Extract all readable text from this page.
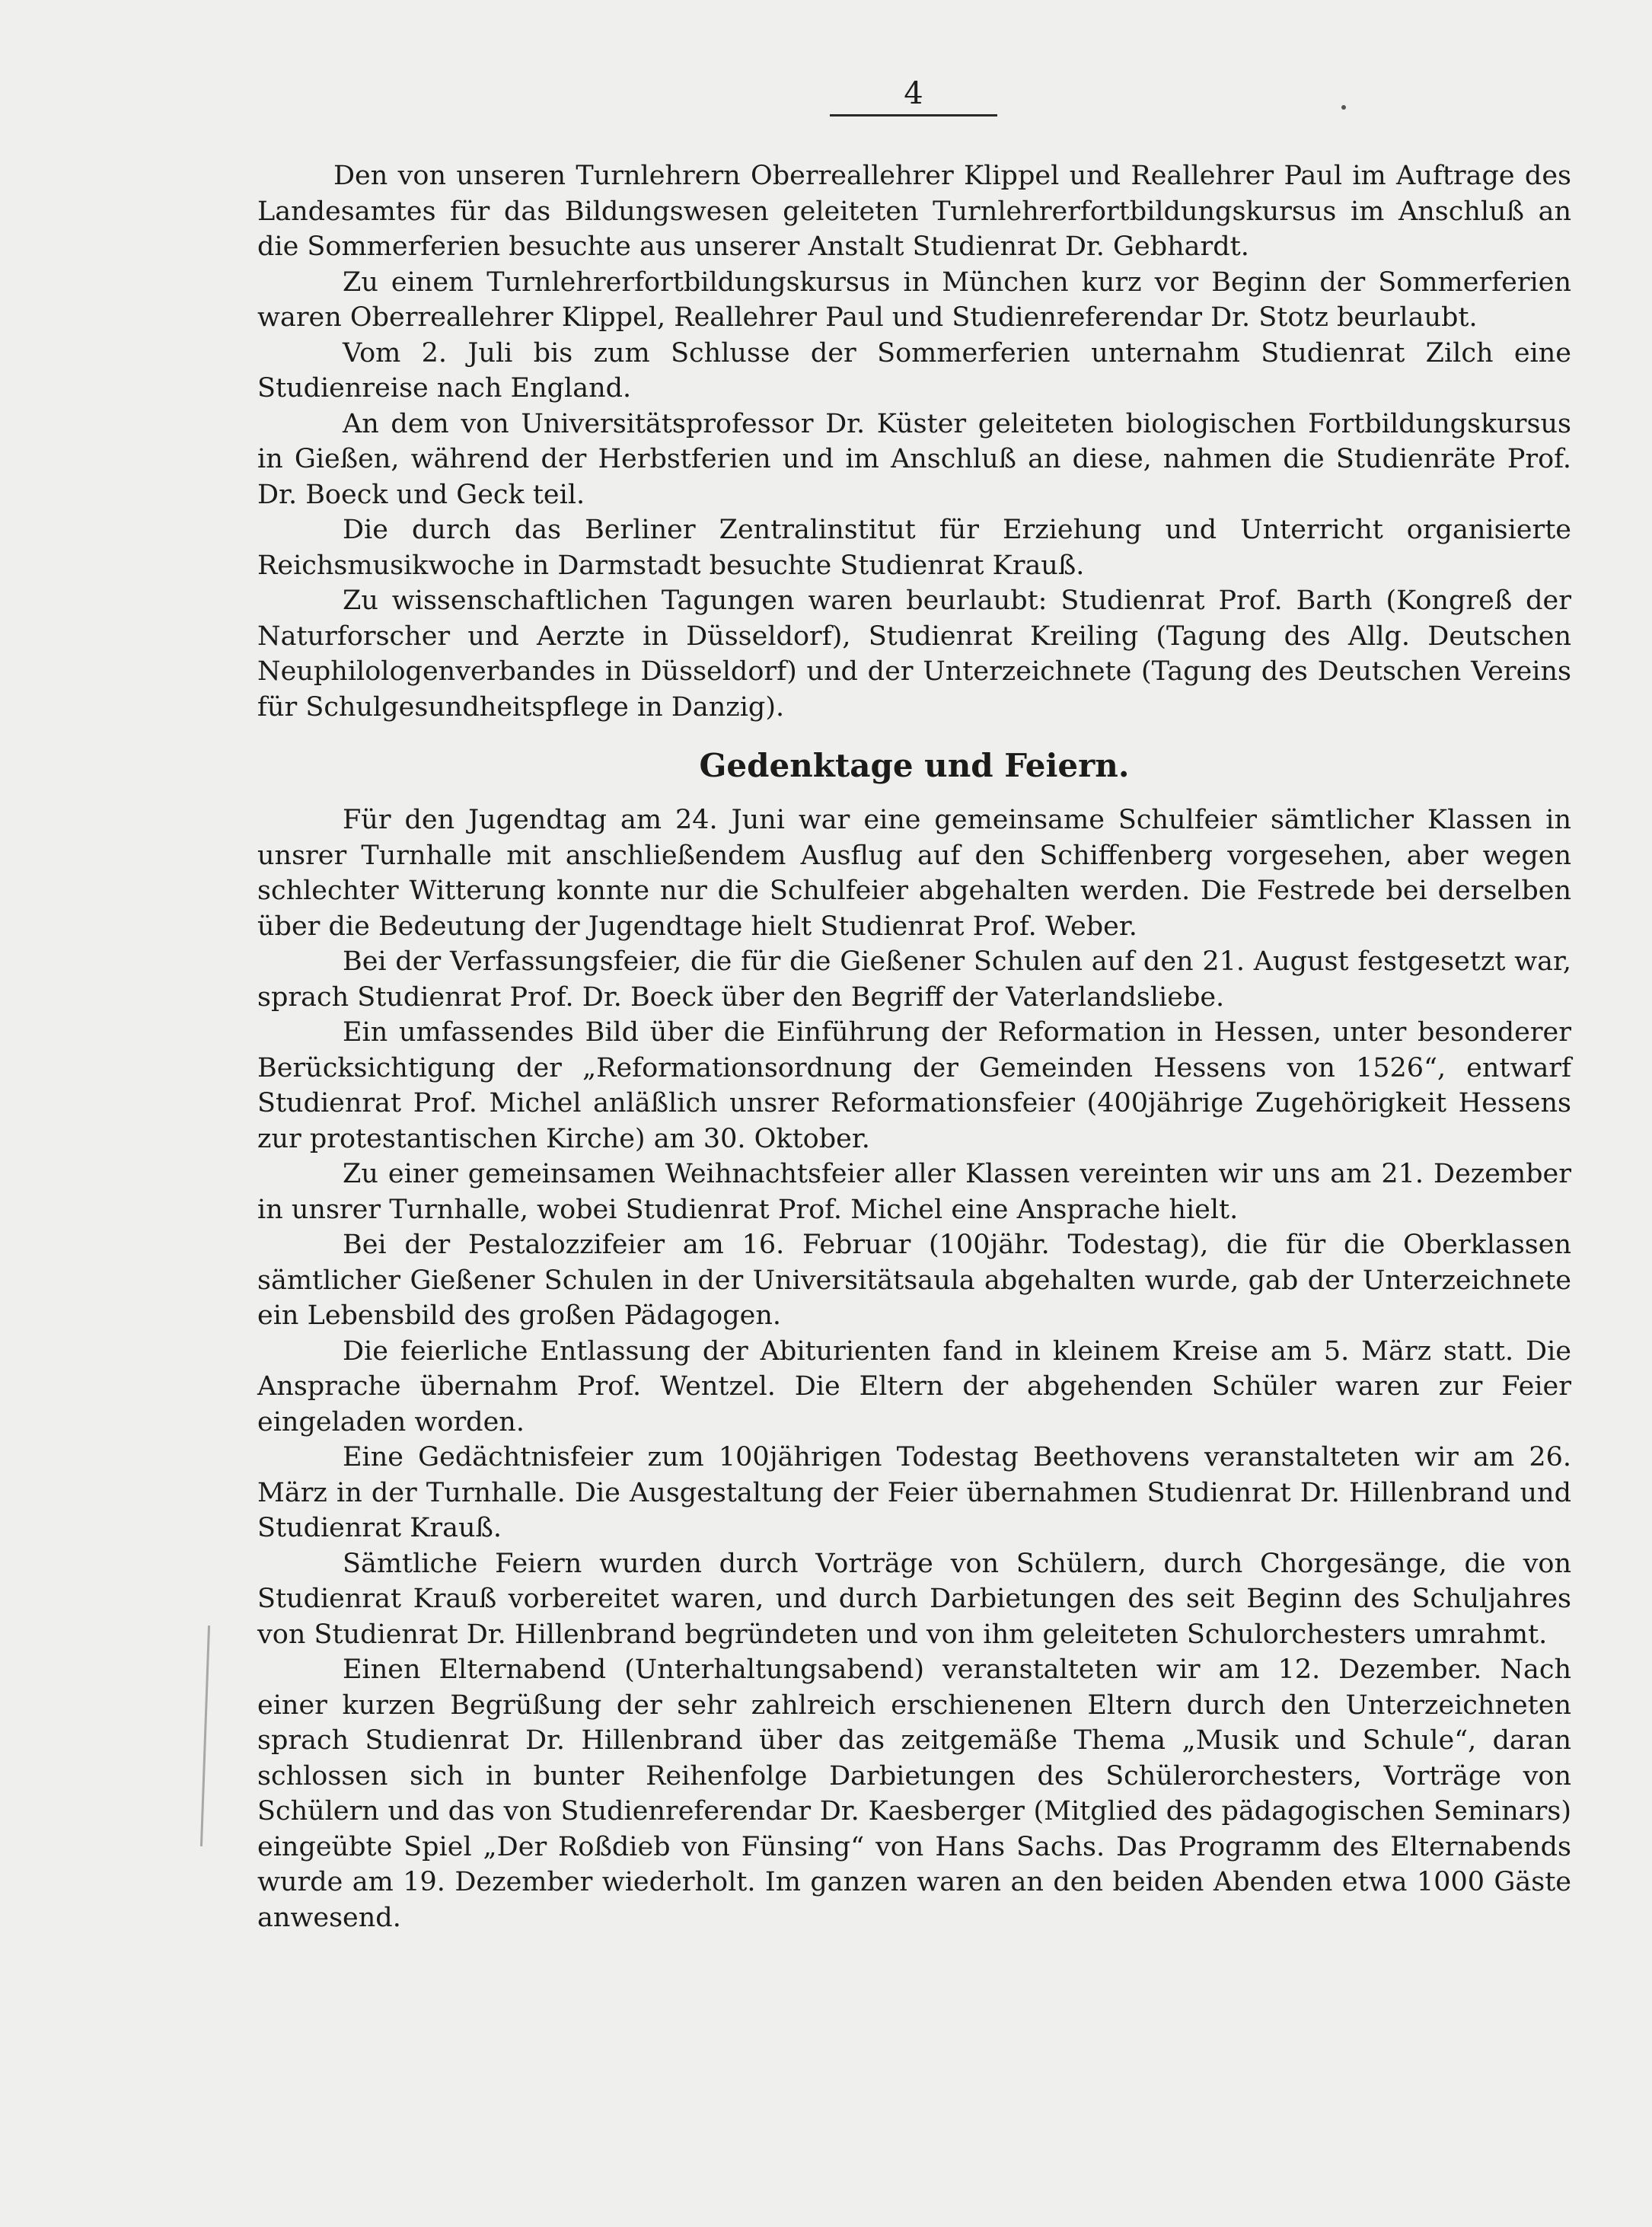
4

Den von unseren Turnlehrern Oberreallehrer Klippel und Reallehrer Paul im Auftrage des Landesamtes für das Bildungswesen geleiteten Turnlehrerfortbildungskursus im Anschluß an die Sommerferien besuchte aus unserer Anstalt Studienrat Dr. Gebhardt.

Zu einem Turnlehrerfortbildungskursus in München kurz vor Beginn der Sommerferien waren Oberreallehrer Klippel, Reallehrer Paul und Studienreferendar Dr. Stotz beurlaubt.

Vom 2. Juli bis zum Schlusse der Sommerferien unternahm Studienrat Zilch eine Studienreise nach England.

An dem von Universitätsprofessor Dr. Küster geleiteten biologischen Fortbildungskursus in Gießen, während der Herbstferien und im Anschluß an diese, nahmen die Studienräte Prof. Dr. Boeck und Geck teil.

Die durch das Berliner Zentralinstitut für Erziehung und Unterricht organisierte Reichsmusikwoche in Darmstadt besuchte Studienrat Krauß.

Zu wissenschaftlichen Tagungen waren beurlaubt: Studienrat Prof. Barth (Kongreß der Naturforscher und Aerzte in Düsseldorf), Studienrat Kreiling (Tagung des Allg. Deutschen Neuphilologenverbandes in Düsseldorf) und der Unterzeichnete (Tagung des Deutschen Vereins für Schulgesundheitspflege in Danzig).

Gedenktage und Feiern.

Für den Jugendtag am 24. Juni war eine gemeinsame Schulfeier sämtlicher Klassen in unsrer Turnhalle mit anschließendem Ausflug auf den Schiffenberg vorgesehen, aber wegen schlechter Witterung konnte nur die Schulfeier abgehalten werden. Die Festrede bei derselben über die Bedeutung der Jugendtage hielt Studienrat Prof. Weber.

Bei der Verfassungsfeier, die für die Gießener Schulen auf den 21. August festgesetzt war, sprach Studienrat Prof. Dr. Boeck über den Begriff der Vaterlandsliebe.

Ein umfassendes Bild über die Einführung der Reformation in Hessen, unter besonderer Berücksichtigung der „Reformationsordnung der Gemeinden Hessens von 1526“, entwarf Studienrat Prof. Michel anläßlich unsrer Reformationsfeier (400jährige Zugehörigkeit Hessens zur protestantischen Kirche) am 30. Oktober.

Zu einer gemeinsamen Weihnachtsfeier aller Klassen vereinten wir uns am 21. Dezember in unsrer Turnhalle, wobei Studienrat Prof. Michel eine Ansprache hielt.

Bei der Pestalozzifeier am 16. Februar (100jähr. Todestag), die für die Oberklassen sämtlicher Gießener Schulen in der Universitätsaula abgehalten wurde, gab der Unterzeichnete ein Lebensbild des großen Pädagogen.

Die feierliche Entlassung der Abiturienten fand in kleinem Kreise am 5. März statt. Die Ansprache übernahm Prof. Wentzel. Die Eltern der abgehenden Schüler waren zur Feier eingeladen worden.

Eine Gedächtnisfeier zum 100jährigen Todestag Beethovens veranstalteten wir am 26. März in der Turnhalle. Die Ausgestaltung der Feier übernahmen Studienrat Dr. Hillenbrand und Studienrat Krauß.

Sämtliche Feiern wurden durch Vorträge von Schülern, durch Chorgesänge, die von Studienrat Krauß vorbereitet waren, und durch Darbietungen des seit Beginn des Schuljahres von Studienrat Dr. Hillenbrand begründeten und von ihm geleiteten Schulorchesters umrahmt.

Einen Elternabend (Unterhaltungsabend) veranstalteten wir am 12. Dezember. Nach einer kurzen Begrüßung der sehr zahlreich erschienenen Eltern durch den Unterzeichneten sprach Studienrat Dr. Hillenbrand über das zeitgemäße Thema „Musik und Schule“, daran schlossen sich in bunter Reihenfolge Darbietungen des Schülerorchesters, Vorträge von Schülern und das von Studienreferendar Dr. Kaesberger (Mitglied des pädagogischen Seminars) eingeübte Spiel „Der Roßdieb von Fünsing“ von Hans Sachs. Das Programm des Elternabends wurde am 19. Dezember wiederholt. Im ganzen waren an den beiden Abenden etwa 1000 Gäste anwesend.
